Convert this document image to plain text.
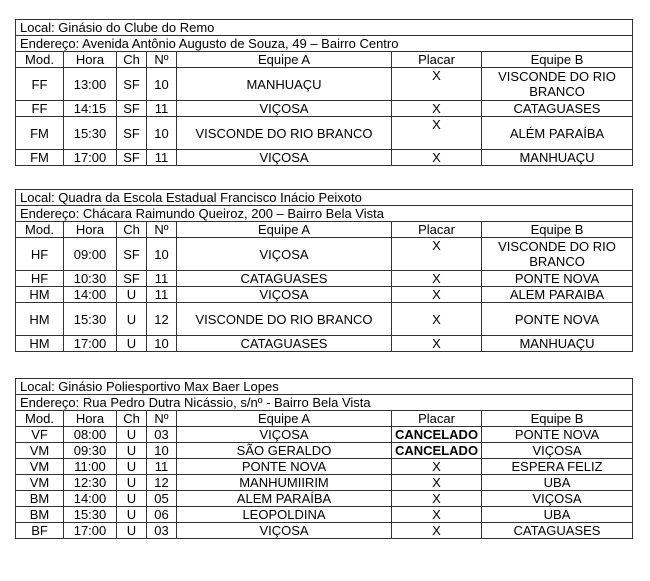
Local: Ginásio do Clube do Remo						
Endereço: Avenida Antônio Augusto de Souza, 49 – Bairro Centro						
Mod.	Hora	Ch	Nº	Equipe A	Placar	Equipe B
FF	13:00	SF	10	MANHUAÇU	X	VISCONDE DO RIO BRANCO
FF	14:15	SF	11	VIÇOSA	X	CATAGUASES
FM	15:30	SF	10	VISCONDE DO RIO BRANCO	X	ALÉM PARAÍBA
FM	17:00	SF	11	VIÇOSA	X	MANHUAÇU
Local: Quadra da Escola Estadual Francisco Inácio Peixoto						
Endereço: Chácara Raimundo Queiroz, 200 – Bairro Bela Vista						
Mod.	Hora	Ch	Nº	Equipe A	Placar	Equipe B
HF	09:00	SF	10	VIÇOSA	X	VISCONDE DO RIO BRANCO
HF	10:30	SF	11	CATAGUASES	X	PONTE NOVA
HM	14:00	U	11	VIÇOSA	X	ALEM PARAIBA
HM	15:30	U	12	VISCONDE DO RIO BRANCO	X	PONTE NOVA
HM	17:00	U	10	CATAGUASES	X	MANHUAÇU
Local: Ginásio Poliesportivo Max Baer Lopes						
Endereço: Rua Pedro Dutra Nicássio, s/nº - Bairro Bela Vista						
Mod.	Hora	Ch	Nº	Equipe A	Placar	Equipe B
VF	08:00	U	03	VIÇOSA	CANCELADO	PONTE NOVA
VM	09:30	U	10	SÃO GERALDO	CANCELADO	VIÇOSA
VM	11:00	U	11	PONTE NOVA	X	ESPERA FELIZ
VM	12:30	U	12	MANHUMIIRIM	X	UBA
BM	14:00	U	05	ALEM PARAÍBA	X	VIÇOSA
BM	15:30	U	06	LEOPOLDINA	X	UBA
BF	17:00	U	03	VIÇOSA	X	CATAGUASES
